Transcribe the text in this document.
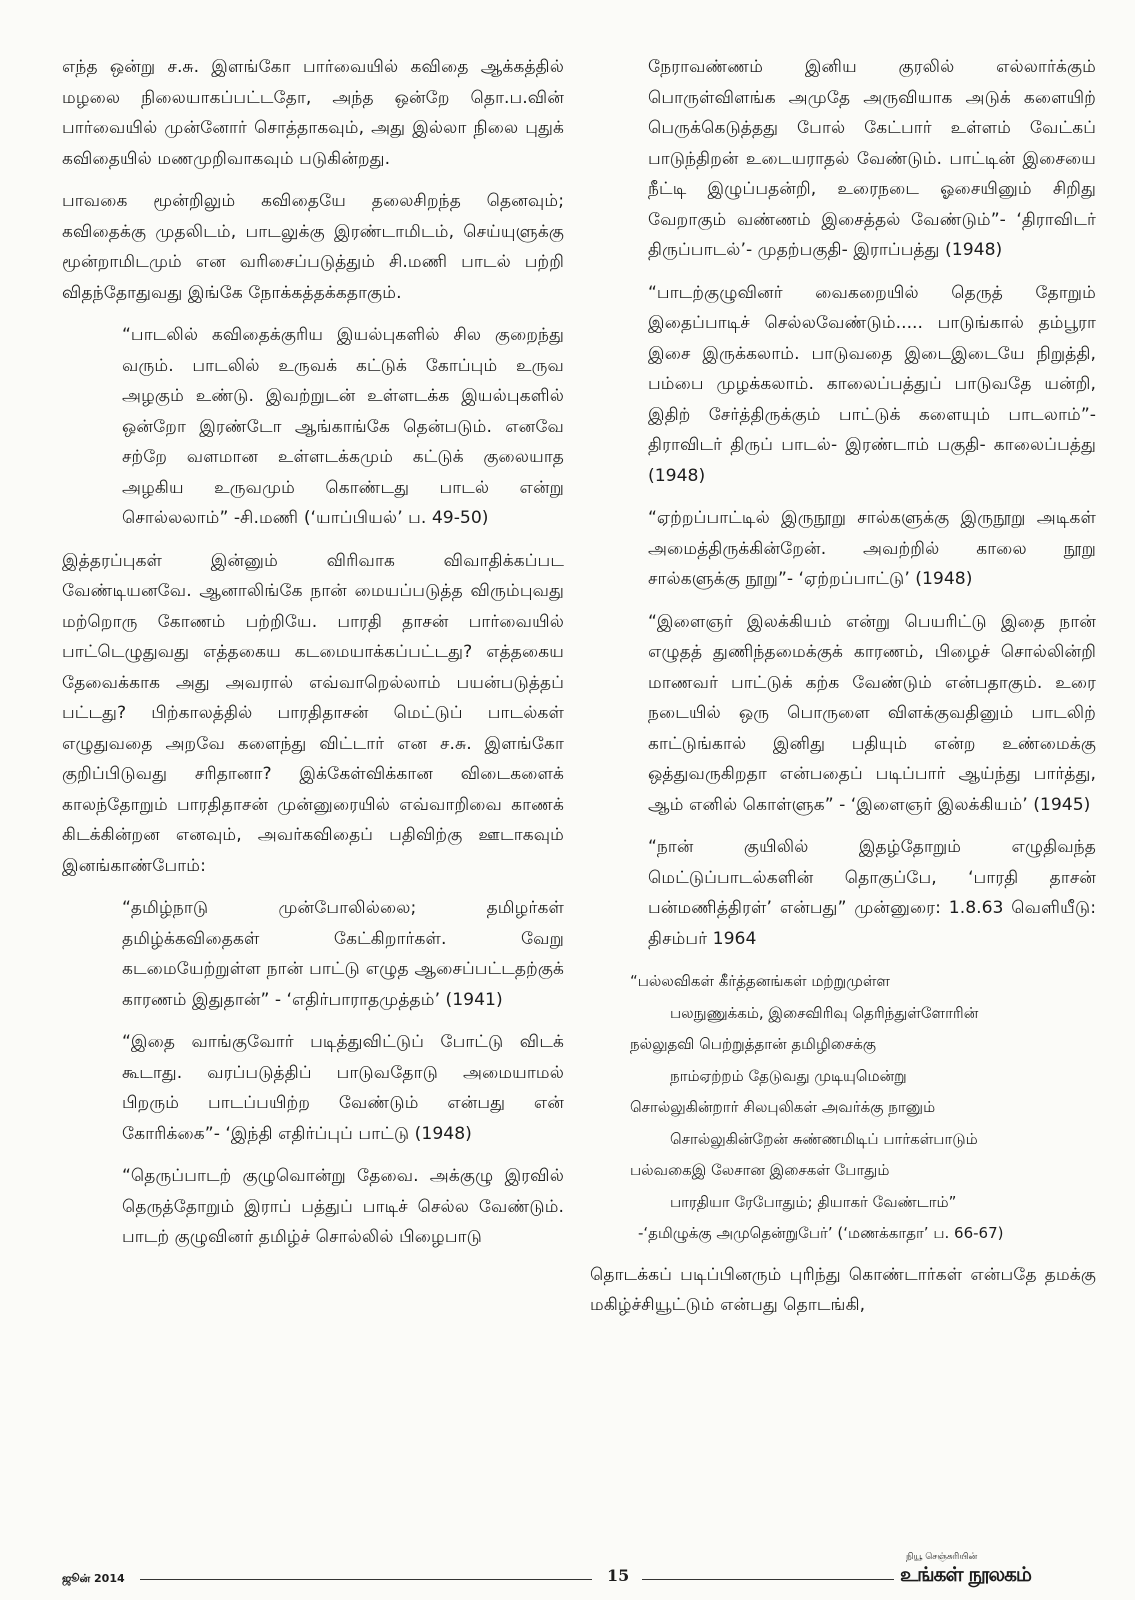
எந்த ஒன்று ச.சு. இளங்கோ பார்வையில் கவிதை ஆக்கத்தில் மழலை நிலையாகப்பட்டதோ, அந்த ஒன்றே தொ.ப.வின் பார்வையில் முன்னோர் சொத்தாகவும், அது இல்லா நிலை புதுக் கவிதையில் மணமுறிவாகவும் படுகின்றது.

பாவகை மூன்றிலும் கவிதையே தலைசிறந்த தெனவும்; கவிதைக்கு முதலிடம், பாடலுக்கு இரண்டாமிடம், செய்யுளுக்கு மூன்றாமிடமும் என வரிசைப்படுத்தும் சி.மணி பாடல் பற்றி விதந்தோதுவது இங்கே நோக்கத்தக்கதாகும்.

“பாடலில் கவிதைக்குரிய இயல்புகளில் சில குறைந்து வரும். பாடலில் உருவக் கட்டுக் கோப்பும் உருவ அழகும் உண்டு. இவற்றுடன் உள்ளடக்க இயல்புகளில் ஒன்றோ இரண்டோ ஆங்காங்கே தென்படும். எனவே சற்றே வளமான உள்ளடக்கமும் கட்டுக் குலையாத அழகிய உருவமும் கொண்டது பாடல் என்று சொல்லலாம்” -சி.மணி (‘யாப்பியல்’ ப. 49-50)

இத்தரப்புகள் இன்னும் விரிவாக விவாதிக்கப்பட வேண்டியனவே. ஆனாலிங்கே நான் மையப்படுத்த விரும்புவது மற்றொரு கோணம் பற்றியே. பாரதி தாசன் பார்வையில் பாட்டெழுதுவது எத்தகைய கடமையாக்கப்பட்டது? எத்தகைய தேவைக்காக அது அவரால் எவ்வாறெல்லாம் பயன்படுத்தப் பட்டது? பிற்காலத்தில் பாரதிதாசன் மெட்டுப் பாடல்கள் எழுதுவதை அறவே களைந்து விட்டார் என ச.சு. இளங்கோ குறிப்பிடுவது சரிதானா? இக்கேள்விக்கான விடைகளைக் காலந்தோறும் பாரதிதாசன் முன்னுரையில் எவ்வாறிவை காணக் கிடக்கின்றன எனவும், அவர்கவிதைப் பதிவிற்கு ஊடாகவும் இனங்காண்போம்:

“தமிழ்நாடு முன்போலில்லை; தமிழர்கள் தமிழ்க்கவிதைகள் கேட்கிறார்கள். வேறு கடமையேற்றுள்ள நான் பாட்டு எழுத ஆசைப்பட்டதற்குக் காரணம் இதுதான்” - ‘எதிர்பாராதமுத்தம்’ (1941)

“இதை வாங்குவோர் படித்துவிட்டுப் போட்டு விடக் கூடாது. வரப்படுத்திப் பாடுவதோடு அமையாமல் பிறரும் பாடப்பயிற்ற வேண்டும் என்பது என் கோரிக்கை”- ‘இந்தி எதிர்ப்புப் பாட்டு (1948)

“தெருப்பாடற் குழுவொன்று தேவை. அக்குழு இரவில் தெருத்தோறும் இராப் பத்துப் பாடிச் செல்ல வேண்டும். பாடற் குழுவினர் தமிழ்ச் சொல்லில் பிழைபாடு

நேராவண்ணம் இனிய குரலில் எல்லார்க்கும் பொருள்விளங்க அமுதே அருவியாக அடுக் களையிற் பெருக்கெடுத்தது போல் கேட்பார் உள்ளம் வேட்கப் பாடுந்திறன் உடையராதல் வேண்டும். பாட்டின் இசையை நீட்டி இழுப்பதன்றி, உரைநடை ஓசையினும் சிறிது வேறாகும் வண்ணம் இசைத்தல் வேண்டும்”- ‘திராவிடர் திருப்பாடல்’- முதற்பகுதி- இராப்பத்து (1948)

“பாடற்குழுவினர் வைகறையில் தெருத் தோறும் இதைப்பாடிச் செல்லவேண்டும்..... பாடுங்கால் தம்பூரா இசை இருக்கலாம். பாடுவதை இடைஇடையே நிறுத்தி, பம்பை முழக்கலாம். காலைப்பத்துப் பாடுவதே யன்றி, இதிற் சேர்த்திருக்கும் பாட்டுக் களையும் பாடலாம்”- திராவிடர் திருப் பாடல்- இரண்டாம் பகுதி- காலைப்பத்து (1948)

“ஏற்றப்பாட்டில் இருநூறு சால்களுக்கு இருநூறு அடிகள் அமைத்திருக்கின்றேன். அவற்றில் காலை நூறு சால்களுக்கு நூறு”- ‘ஏற்றப்பாட்டு’ (1948)

“இளைஞர் இலக்கியம் என்று பெயரிட்டு இதை நான் எழுதத் துணிந்தமைக்குக் காரணம், பிழைச் சொல்லின்றி மாணவர் பாட்டுக் கற்க வேண்டும் என்பதாகும். உரை நடையில் ஒரு பொருளை விளக்குவதினும் பாடலிற் காட்டுங்கால் இனிது பதியும் என்ற உண்மைக்கு ஒத்துவருகிறதா என்பதைப் படிப்பார் ஆய்ந்து பார்த்து, ஆம் எனில் கொள்ளுக” - ‘இளைஞர் இலக்கியம்’ (1945)

“நான் குயிலில் இதழ்தோறும் எழுதிவந்த மெட்டுப்பாடல்களின் தொகுப்பே, ‘பாரதி தாசன் பன்மணித்திரள்’ என்பது” முன்னுரை: 1.8.63 வெளியீடு: திசம்பர் 1964

“பல்லவிகள் கீர்த்தனங்கள் மற்றுமுள்ள
பலநுணுக்கம், இசைவிரிவு தெரிந்துள்ளோரின்
நல்லுதவி பெற்றுத்தான் தமிழிசைக்கு
நாம்ஏற்றம் தேடுவது முடியுமென்று
சொல்லுகின்றார் சிலபுலிகள் அவர்க்கு நானும்
சொல்லுகின்றேன் சுண்ணமிடிப் பார்கள்பாடும்
பல்வகைஇ லேசான இசைகள் போதும்
பாரதியா ரேபோதும்; தியாகர் வேண்டாம்”
-‘தமிழுக்கு அமுதென்றுபேர்’ (‘மணக்காதா’ ப. 66-67)

தொடக்கப் படிப்பினரும் புரிந்து கொண்டார்கள் என்பதே தமக்கு மகிழ்ச்சியூட்டும் என்பது தொடங்கி,

ஜூன் 2014	15
நியூ செஞ்சுரியின்
உங்கள் நூலகம்
